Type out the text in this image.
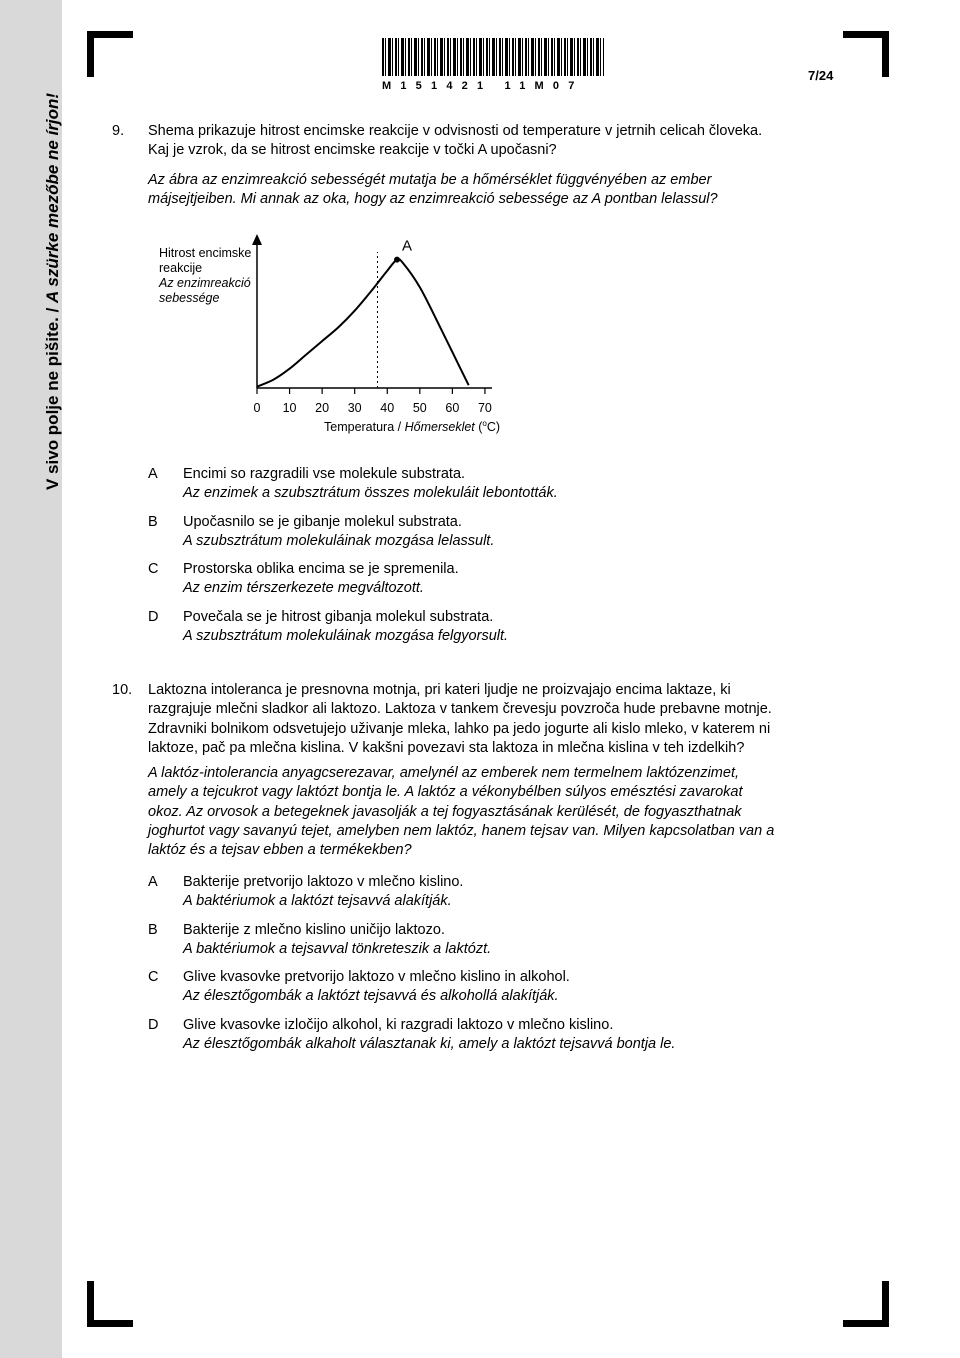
V sivo polje ne pišite. / A szürke mezőbe ne írjon!
M151421 11M07
7/24
9. Shema prikazuje hitrost encimske reakcije v odvisnosti od temperature v jetrnih celicah človeka.
Kaj je vzrok, da se hitrost encimske reakcije v točki A upočasni?
Az ábra az enzimreakció sebességét mutatja be a hőmérséklet függvényében az ember
májsejtjeiben. Mi annak az oka, hogy az enzimreakció sebessége az A pontban lelassul?
Hitrost encimske
reakcije
Az enzimreakció
sebessége
0 10 20 30 40 50 60 70
A
Temperatura / Hőmerseklet ($^o$C)
A Encimi so razgradili vse molekule substrata.
Az enzimek a szubsztrátum összes molekuláit lebontották.
B Upočasnilo se je gibanje molekul substrata.
A szubsztrátum molekuláinak mozgása lelassult.
C Prostorska oblika encima se je spremenila.
Az enzim térszerkezete megváltozott.
D Povečala se je hitrost gibanja molekul substrata.
A szubsztrátum molekuláinak mozgása felgyorsult.
10. Laktozna intoleranca je presnovna motnja, pri kateri ljudje ne proizvajajo encima laktaze, ki
razgrajuje mlečni sladkor ali laktozo. Laktoza v tankem črevesju povzroča hude prebavne motnje.
Zdravniki bolnikom odsvetujejo uživanje mleka, lahko pa jedo jogurte ali kislo mleko, v katerem ni
laktoze, pač pa mlečna kislina. V kakšni povezavi sta laktoza in mlečna kislina v teh izdelkih?
A laktóz-intolerancia anyagcserezavar, amelynél az emberek nem termelnem laktózenzimet,
amely a tejcukrot vagy laktózt bontja le. A laktóz a vékonybélben súlyos emésztési zavarokat
okoz. Az orvosok a betegeknek javasolják a tej fogyasztásának kerülését, de fogyaszthatnak
joghurtot vagy savanyú tejet, amelyben nem laktóz, hanem tejsav van. Milyen kapcsolatban van a
laktóz és a tejsav ebben a termékekben?
A Bakterije pretvorijo laktozo v mlečno kislino.
A baktériumok a laktózt tejsavvá alakítják.
B Bakterije z mlečno kislino uničijo laktozo.
A baktériumok a tejsavval tönkreteszik a laktózt.
C Glive kvasovke pretvorijo laktozo v mlečno kislino in alkohol.
Az élesztőgombák a laktózt tejsavvá és alkohollá alakítják.
D Glive kvasovke izločijo alkohol, ki razgradi laktozo v mlečno kislino.
Az élesztőgombák alkaholt választanak ki, amely a laktózt tejsavvá bontja le.
